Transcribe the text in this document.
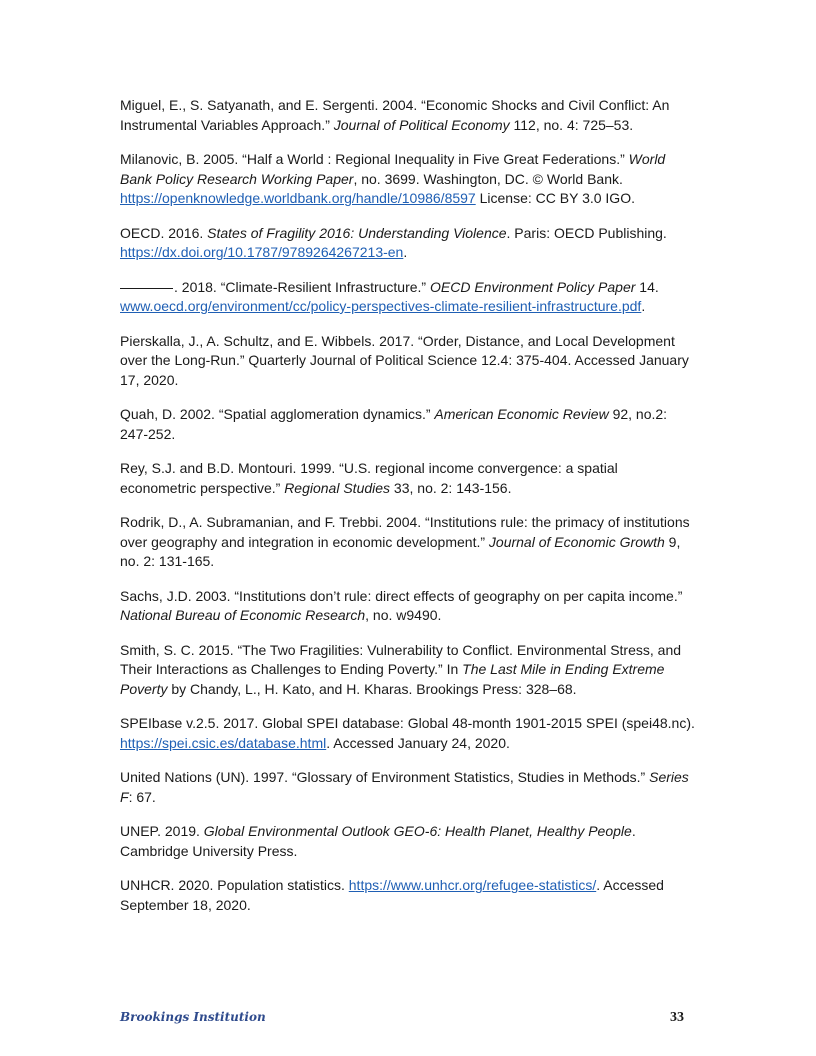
Miguel, E., S. Satyanath, and E. Sergenti. 2004. “Economic Shocks and Civil Conflict: An Instrumental Variables Approach.” Journal of Political Economy 112, no. 4: 725–53.

Milanovic, B. 2005. “Half a World : Regional Inequality in Five Great Federations.” World Bank Policy Research Working Paper, no. 3699. Washington, DC. © World Bank. https://openknowledge.worldbank.org/handle/10986/8597 License: CC BY 3.0 IGO.

OECD. 2016. States of Fragility 2016: Understanding Violence. Paris: OECD Publishing. https://dx.doi.org/10.1787/9789264267213-en.

. 2018. “Climate-Resilient Infrastructure.” OECD Environment Policy Paper 14. www.oecd.org/environment/cc/policy-perspectives-climate-resilient-infrastructure.pdf.

Pierskalla, J., A. Schultz, and E. Wibbels. 2017. “Order, Distance, and Local Development over the Long-Run.” Quarterly Journal of Political Science 12.4: 375-404. Accessed January 17, 2020.

Quah, D. 2002. “Spatial agglomeration dynamics.” American Economic Review 92, no.2: 247-252.

Rey, S.J. and B.D. Montouri. 1999. “U.S. regional income convergence: a spatial econometric perspective.” Regional Studies 33, no. 2: 143-156.

Rodrik, D., A. Subramanian, and F. Trebbi. 2004. “Institutions rule: the primacy of institutions over geography and integration in economic development.” Journal of Economic Growth 9, no. 2: 131-165.

Sachs, J.D. 2003. “Institutions don’t rule: direct effects of geography on per capita income.” National Bureau of Economic Research, no. w9490.

Smith, S. C. 2015. “The Two Fragilities: Vulnerability to Conflict. Environmental Stress, and Their Interactions as Challenges to Ending Poverty.” In The Last Mile in Ending Extreme Poverty by Chandy, L., H. Kato, and H. Kharas. Brookings Press: 328–68.

SPEIbase v.2.5. 2017. Global SPEI database: Global 48-month 1901-2015 SPEI (spei48.nc). https://spei.csic.es/database.html. Accessed January 24, 2020.

United Nations (UN). 1997. “Glossary of Environment Statistics, Studies in Methods.” Series F: 67.

UNEP. 2019. Global Environmental Outlook GEO-6: Health Planet, Healthy People. Cambridge University Press.

UNHCR. 2020. Population statistics. https://www.unhcr.org/refugee-statistics/. Accessed September 18, 2020.

Brookings Institution	33
